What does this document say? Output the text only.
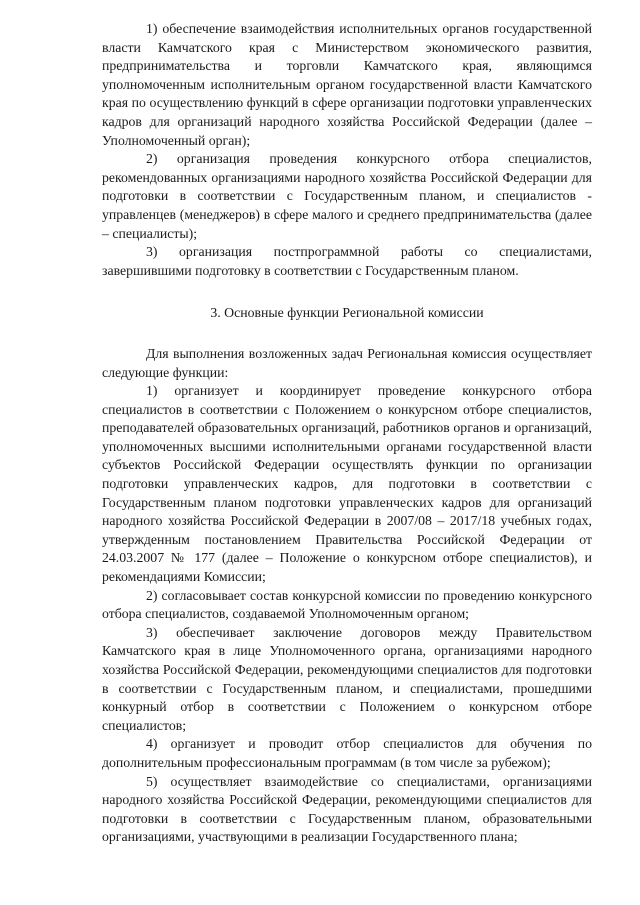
1) обеспечение взаимодействия исполнительных органов государственной власти Камчатского края с Министерством экономического развития, предпринимательства и торговли Камчатского края, являющимся уполномоченным исполнительным органом государственной власти Камчатского края по осуществлению функций в сфере организации подготовки управленческих кадров для организаций народного хозяйства Российской Федерации (далее – Уполномоченный орган);

2) организация проведения конкурсного отбора специалистов, рекомендованных организациями народного хозяйства Российской Федерации для подготовки в соответствии с Государственным планом, и специалистов - управленцев (менеджеров) в сфере малого и среднего предпринимательства (далее – специалисты);

3) организация постпрограммной работы со специалистами, завершившими подготовку в соответствии с Государственным планом.

3. Основные функции Региональной комиссии

Для выполнения возложенных задач Региональная комиссия осуществляет следующие функции:

1) организует и координирует проведение конкурсного отбора специалистов в соответствии с Положением о конкурсном отборе специалистов, преподавателей образовательных организаций, работников органов и организаций, уполномоченных высшими исполнительными органами государственной власти субъектов Российской Федерации осуществлять функции по организации подготовки управленческих кадров, для подготовки в соответствии с Государственным планом подготовки управленческих кадров для организаций народного хозяйства Российской Федерации в 2007/08 – 2017/18 учебных годах, утвержденным постановлением Правительства Российской Федерации от 24.03.2007 № 177 (далее – Положение о конкурсном отборе специалистов), и рекомендациями Комиссии;

2) согласовывает состав конкурсной комиссии по проведению конкурсного отбора специалистов, создаваемой Уполномоченным органом;

3) обеспечивает заключение договоров между Правительством Камчатского края в лице Уполномоченного органа, организациями народного хозяйства Российской Федерации, рекомендующими специалистов для подготовки в соответствии с Государственным планом, и специалистами, прошедшими конкурный отбор в соответствии с Положением о конкурсном отборе специалистов;

4) организует и проводит отбор специалистов для обучения по дополнительным профессиональным программам (в том числе за рубежом);

5) осуществляет взаимодействие со специалистами, организациями народного хозяйства Российской Федерации, рекомендующими специалистов для подготовки в соответствии с Государственным планом, образовательными организациями, участвующими в реализации Государственного плана;
